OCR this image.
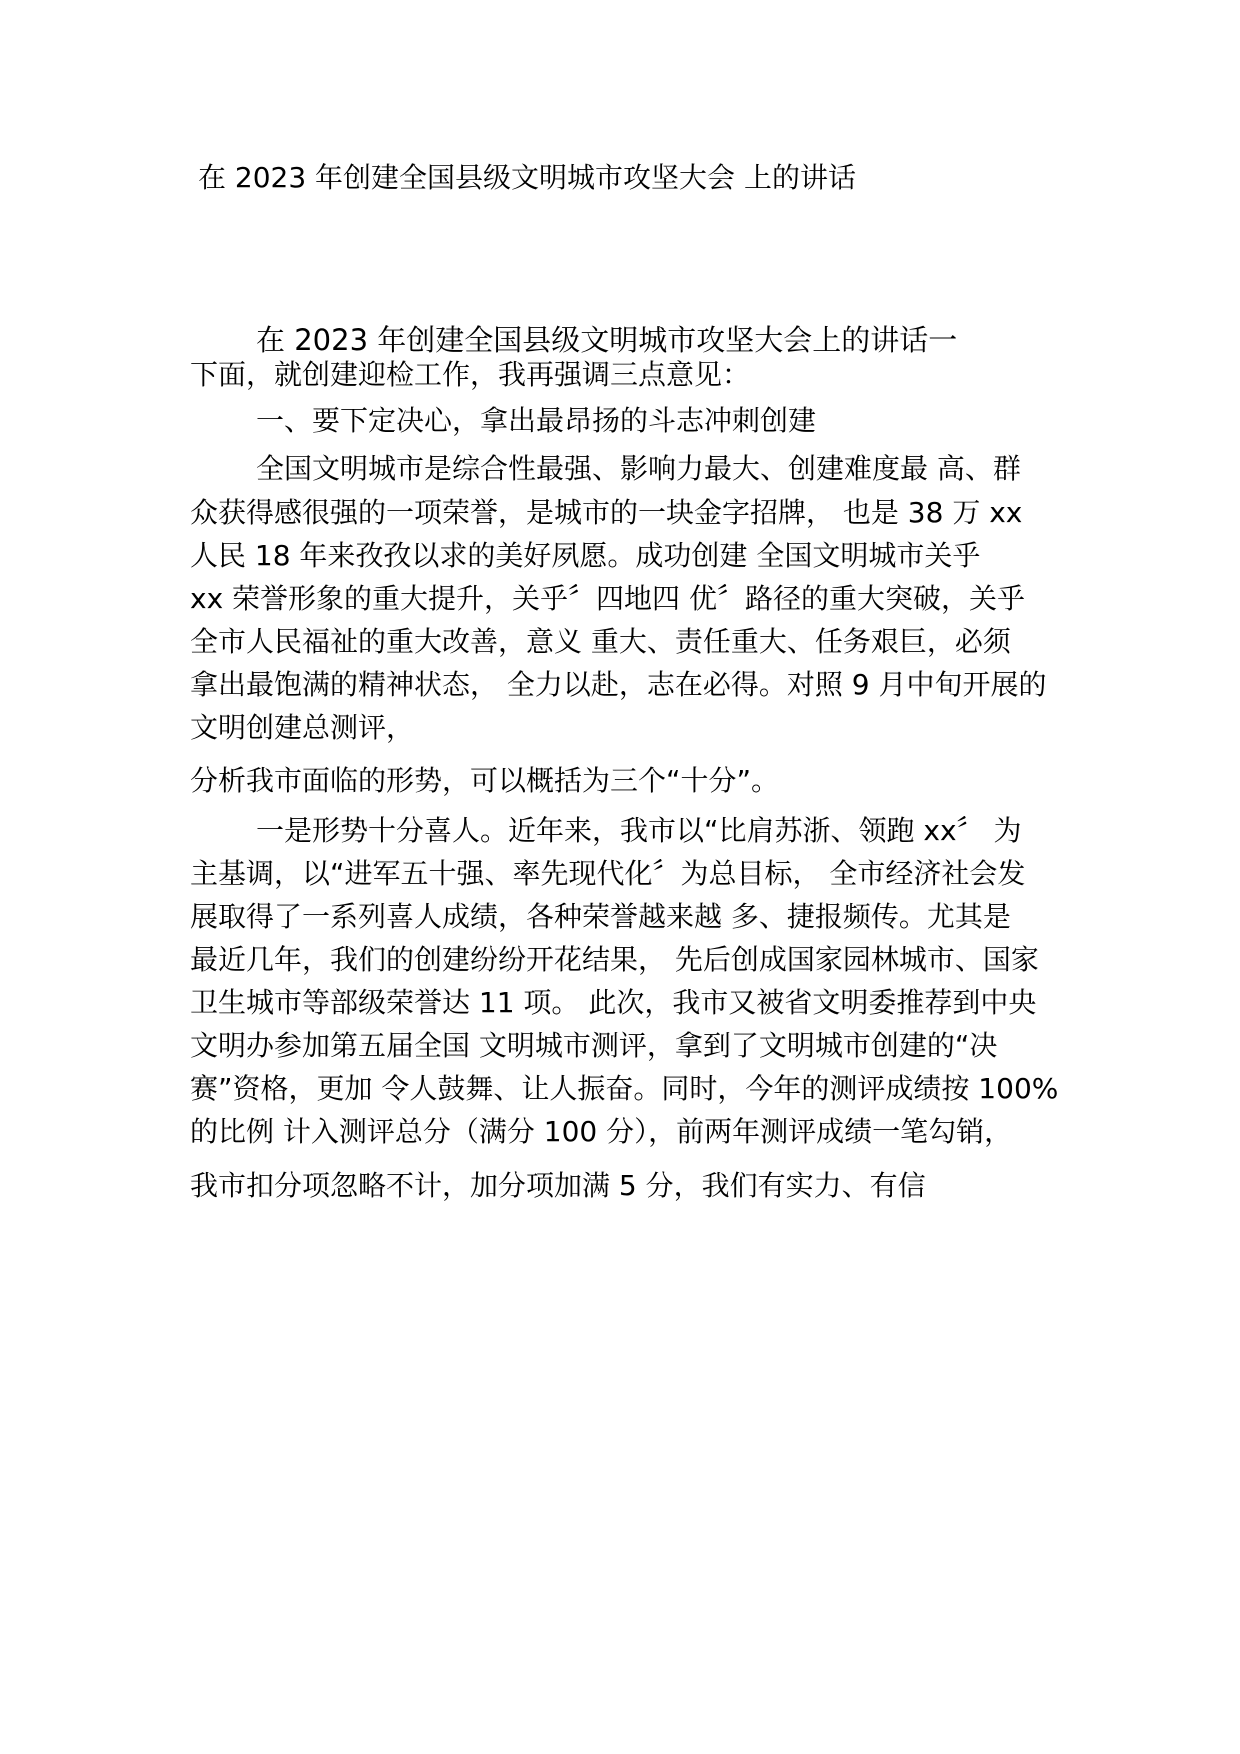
在 2023 年创建全国县级文明城市攻坚大会 上的讲话
在 2023 年创建全国县级文明城市攻坚大会上的讲话一
下面，就创建迎检工作，我再强调三点意见：
一、要下定决心，拿出最昂扬的斗志冲刺创建
全国文明城市是综合性最强、影响力最大、创建难度最 高、群
众获得感很强的一项荣誉，是城市的一块金字招牌， 也是 38 万 xx
人民 18 年来孜孜以求的美好夙愿。成功创建 全国文明城市关乎
xx 荣誉形象的重大提升，关乎〞四地四 优〞路径的重大突破，关乎
全市人民福祉的重大改善，意义 重大、责任重大、任务艰巨，必须
拿出最饱满的精神状态， 全力以赴，志在必得。对照 9 月中旬开展的
文明创建总测评，
分析我市面临的形势，可以概括为三个“十分”。
一是形势十分喜人。近年来，我市以“比肩苏浙、领跑 xx〞 为
主基调，以“进军五十强、率先现代化〞为总目标， 全市经济社会发
展取得了一系列喜人成绩，各种荣誉越来越 多、捷报频传。尤其是
最近几年，我们的创建纷纷开花结果， 先后创成国家园林城市、国家
卫生城市等部级荣誉达 11 项。 此次，我市又被省文明委推荐到中央
文明办参加第五届全国 文明城市测评，拿到了文明城市创建的“决
赛”资格，更加 令人鼓舞、让人振奋。同时，今年的测评成绩按 100%
的比例 计入测评总分（满分 100 分），前两年测评成绩一笔勾销，
我市扣分项忽略不计，加分项加满 5 分，我们有实力、有信
